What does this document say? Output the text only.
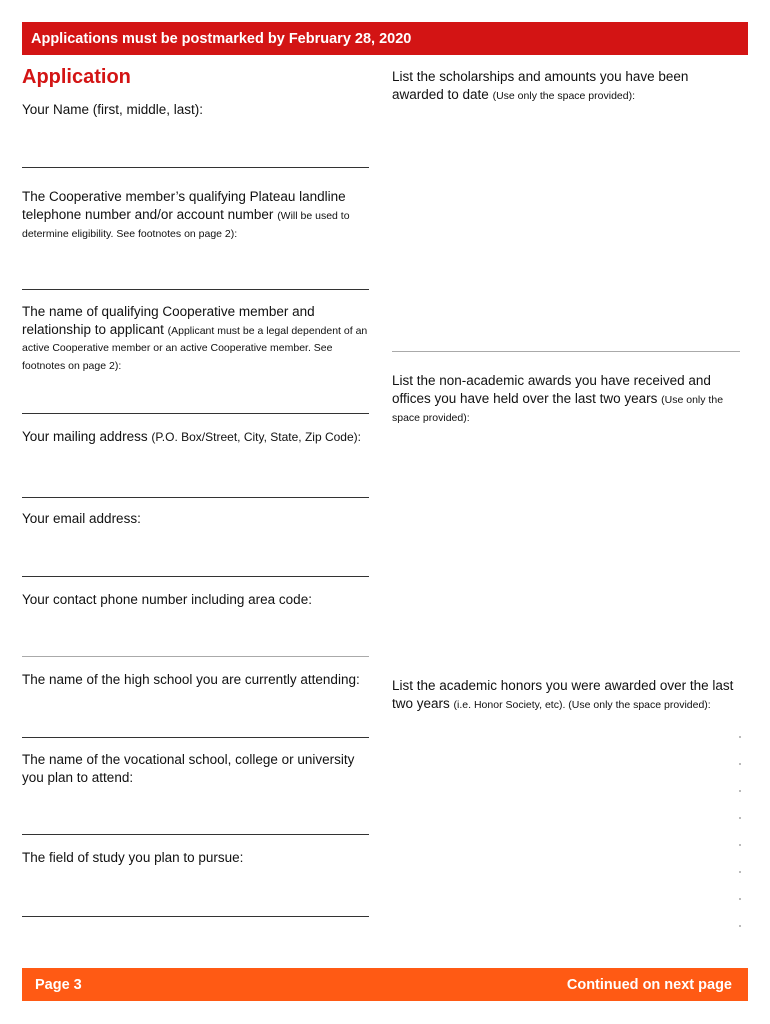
Applications must be postmarked by February 28, 2020
Application
Your Name (first, middle, last):
The Cooperative member’s qualifying Plateau landline telephone number and/or account number (Will be used to determine eligibility. See footnotes on page 2):
The name of qualifying Cooperative member and relationship to applicant (Applicant must be a legal dependent of an active Cooperative member or an active Cooperative member. See footnotes on page 2):
Your mailing address (P.O. Box/Street, City, State, Zip Code):
Your email address:
Your contact phone number including area code:
The name of the high school you are currently attending:
The name of the vocational school, college or university you plan to attend:
The field of study you plan to pursue:
List the scholarships and amounts you have been awarded to date (Use only the space provided):
List the non-academic awards you have received and offices you have held over the last two years (Use only the space provided):
List the academic honors you were awarded over the last two years (i.e. Honor Society, etc). (Use only the space provided):
Page 3	Continued on next page
